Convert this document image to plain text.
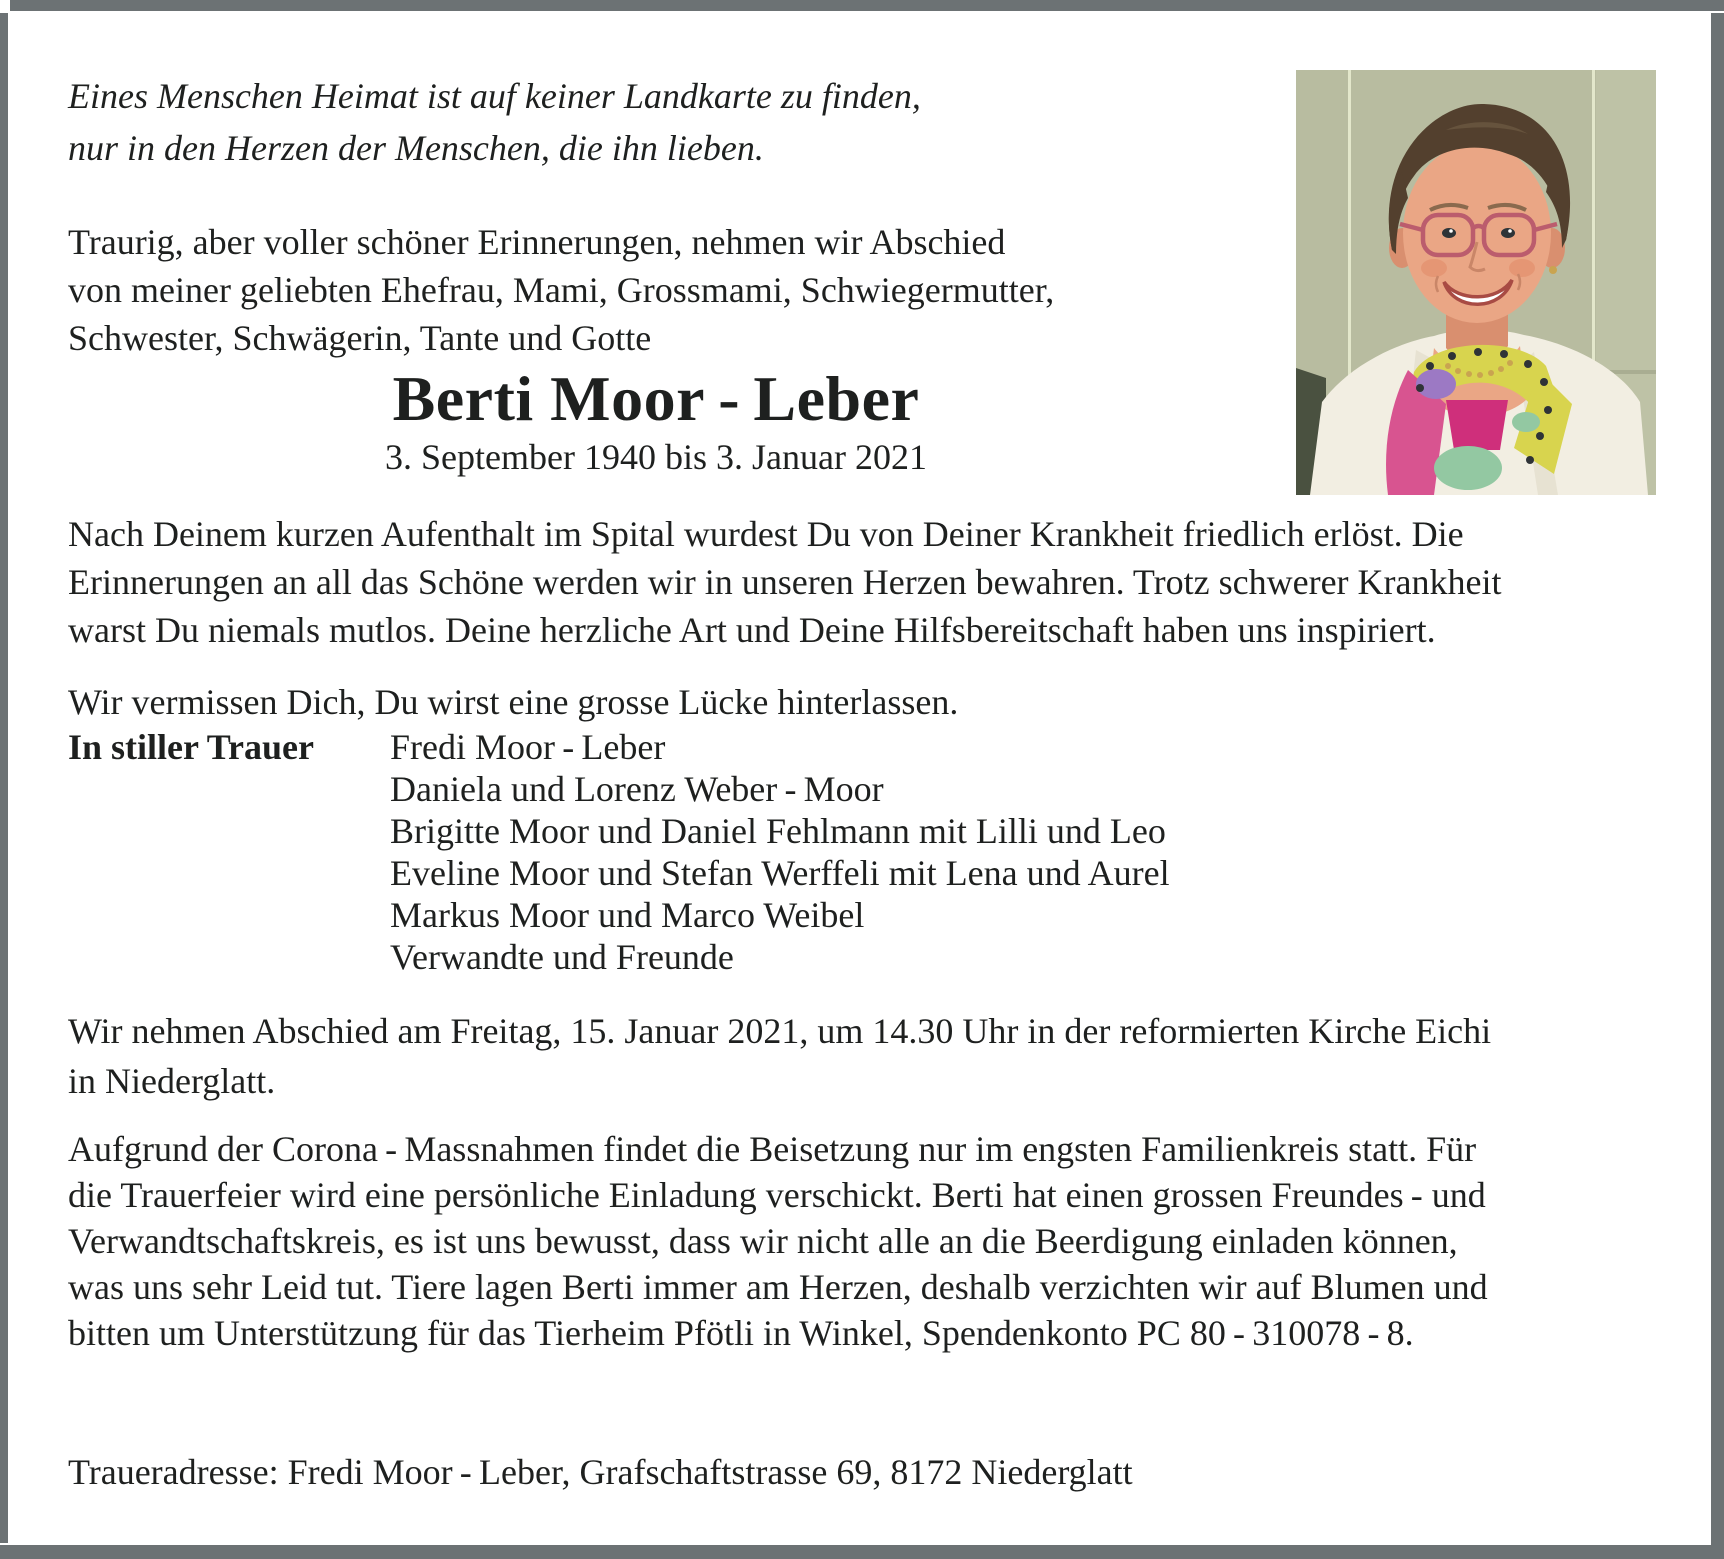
Eines Menschen Heimat ist auf keiner Landkarte zu finden,
nur in den Herzen der Menschen, die ihn lieben.
Traurig, aber voller schöner Erinnerungen, nehmen wir Abschied
von meiner geliebten Ehefrau, Mami, Grossmami, Schwiegermutter,
Schwester, Schwägerin, Tante und Gotte
Berti Moor - Leber
3. September 1940 bis 3. Januar 2021
Nach Deinem kurzen Aufenthalt im Spital wurdest Du von Deiner Krankheit friedlich erlöst. Die
Erinnerungen an all das Schöne werden wir in unseren Herzen bewahren. Trotz schwerer Krankheit
warst Du niemals mutlos. Deine herzliche Art und Deine Hilfsbereitschaft haben uns inspiriert.
Wir vermissen Dich, Du wirst eine grosse Lücke hinterlassen.
In stiller Trauer	Fredi Moor - Leber
Daniela und Lorenz Weber - Moor
Brigitte Moor und Daniel Fehlmann mit Lilli und Leo
Eveline Moor und Stefan Werffeli mit Lena und Aurel
Markus Moor und Marco Weibel
Verwandte und Freunde
Wir nehmen Abschied am Freitag, 15. Januar 2021, um 14.30 Uhr in der reformierten Kirche Eichi
in Niederglatt.
Aufgrund der Corona - Massnahmen findet die Beisetzung nur im engsten Familienkreis statt. Für
die Trauerfeier wird eine persönliche Einladung verschickt. Berti hat einen grossen Freundes - und
Verwandtschaftskreis, es ist uns bewusst, dass wir nicht alle an die Beerdigung einladen können,
was uns sehr Leid tut. Tiere lagen Berti immer am Herzen, deshalb verzichten wir auf Blumen und
bitten um Unterstützung für das Tierheim Pfötli in Winkel, Spendenkonto PC 80 - 310078 - 8.
Traueradresse: Fredi Moor - Leber, Grafschaftstrasse 69, 8172 Niederglatt
